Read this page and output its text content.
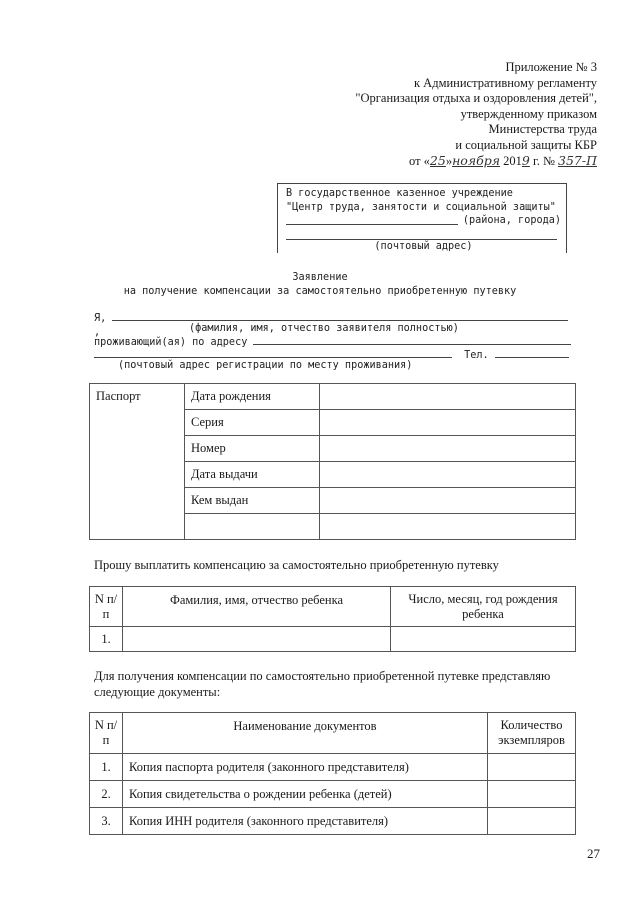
Приложение № 3
к Административному регламенту
"Организация отдыха и оздоровления детей",
утвержденному приказом
Министерства труда
и социальной защиты КБР
от «25»ноября 2019 г. № 357-П
В государственное казенное учреждение
"Центр труда, занятости и социальной защиты"
(района, города)
(почтовый адрес)
Заявление
на получение компенсации за самостоятельно приобретенную путевку
Я, ,	(фамилия, имя, отчество заявителя полностью)
проживающий(ая) по адресу
Тел.
(почтовый адрес регистрации по месту проживания)
Паспорт	Дата рождения	
	Серия	
	Номер	
	Дата выдачи	
	Кем выдан	

Прошу выплатить компенсацию за самостоятельно приобретенную путевку
N п/п	Фамилия, имя, отчество ребенка	Число, месяц, год рождения ребенка
1.		
Для получения компенсации по самостоятельно приобретенной путевке представляю следующие документы:
N п/п	Наименование документов	Количество экземпляров
1.	Копия паспорта родителя (законного представителя)	
2.	Копия свидетельства о рождении ребенка (детей)	
3.	Копия ИНН родителя (законного представителя)	
27
